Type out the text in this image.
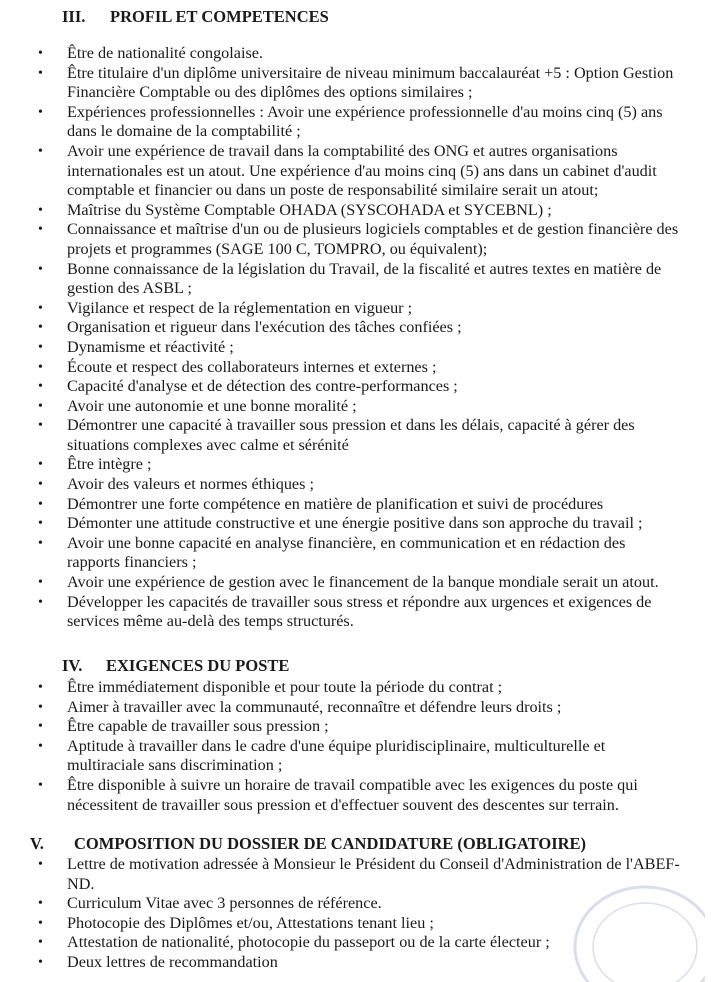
III. PROFIL ET COMPETENCES
• • Être de nationalité congolaise.
• • Être titulaire d'un diplôme universitaire de niveau minimum baccalauréat +5 : Option Gestion Financière Comptable ou des diplômes des options similaires ;
• • Expériences professionnelles : Avoir une expérience professionnelle d'au moins cinq (5) ans dans le domaine de la comptabilité ;
• • Avoir une expérience de travail dans la comptabilité des ONG et autres organisations internationales est un atout. Une expérience d'au moins cinq (5) ans dans un cabinet d'audit comptable et financier ou dans un poste de responsabilité similaire serait un atout;
• • Maîtrise du Système Comptable OHADA (SYSCOHADA et SYCEBNL) ;
• • Connaissance et maîtrise d'un ou de plusieurs logiciels comptables et de gestion financière des projets et programmes (SAGE 100 C, TOMPRO, ou équivalent);
• • Bonne connaissance de la législation du Travail, de la fiscalité et autres textes en matière de gestion des ASBL ;
• • Vigilance et respect de la réglementation en vigueur ;
• • Organisation et rigueur dans l'exécution des tâches confiées ;
• • Dynamisme et réactivité ;
• • Écoute et respect des collaborateurs internes et externes ;
• • Capacité d'analyse et de détection des contre-performances ;
• • Avoir une autonomie et une bonne moralité ;
• • Démontrer une capacité à travailler sous pression et dans les délais, capacité à gérer des situations complexes avec calme et sérénité
• • Être intègre ;
• • Avoir des valeurs et normes éthiques ;
• • Démontrer une forte compétence en matière de planification et suivi de procédures
• • Démonter une attitude constructive et une énergie positive dans son approche du travail ;
• • Avoir une bonne capacité en analyse financière, en communication et en rédaction des rapports financiers ;
• • Avoir une expérience de gestion avec le financement de la banque mondiale serait un atout.
• • Développer les capacités de travailler sous stress et répondre aux urgences et exigences de services même au-delà des temps structurés.
IV. EXIGENCES DU POSTE
• • Être immédiatement disponible et pour toute la période du contrat ;
• • Aimer à travailler avec la communauté, reconnaître et défendre leurs droits ;
• • Être capable de travailler sous pression ;
• • Aptitude à travailler dans le cadre d'une équipe pluridisciplinaire, multiculturelle et multiraciale sans discrimination ;
• • Être disponible à suivre un horaire de travail compatible avec les exigences du poste qui nécessitent de travailler sous pression et d'effectuer souvent des descentes sur terrain.
V. COMPOSITION DU DOSSIER DE CANDIDATURE (OBLIGATOIRE)
• • Lettre de motivation adressée à Monsieur le Président du Conseil d'Administration de l'ABEF-ND.
• • Curriculum Vitae avec 3 personnes de référence.
• • Photocopie des Diplômes et/ou, Attestations tenant lieu ;
• • Attestation de nationalité, photocopie du passeport ou de la carte électeur ;
• • Deux lettres de recommandation
